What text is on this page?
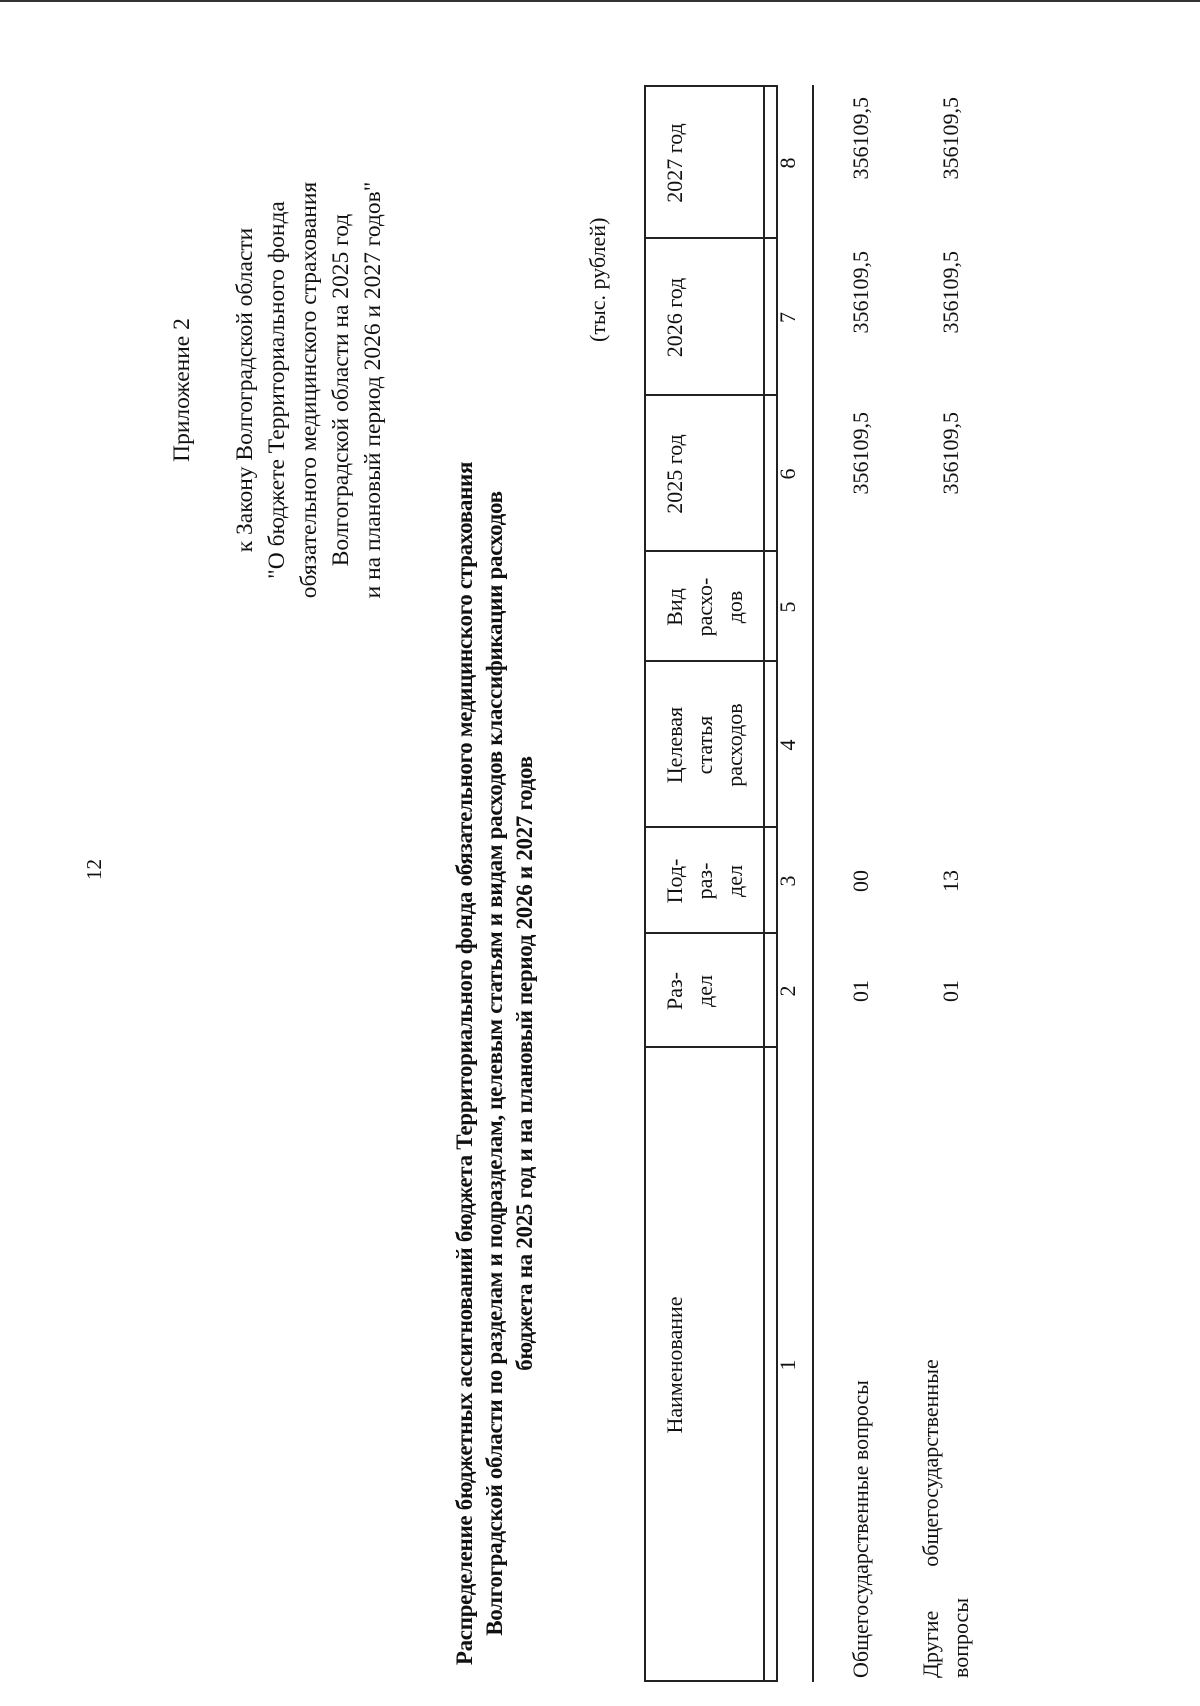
12
Приложение 2 к Закону Волгоградской области "О бюджете Территориального фонда обязательного медицинского страхования Волгоградской области на 2025 год и на плановый период 2026 и 2027 годов"
Распределение бюджетных ассигнований бюджета Территориального фонда обязательного медицинского страхования Волгоградской области по разделам и подразделам, целевым статьям и видам расходов классификации расходов бюджета на 2025 год и на плановый период 2026 и 2027 годов
(тыс. рублей)
Наименование
Раз- дел
Под- раз- дел
Целевая статья расходов
Вид расхо- дов
2025 год
2026 год
2027 год
1
2
3
4
5
6
7
8
Общегосударственные вопросы
01
00
356109,5
356109,5
356109,5
Другие        общегосударственные вопросы
01
13
356109,5
356109,5
356109,5
